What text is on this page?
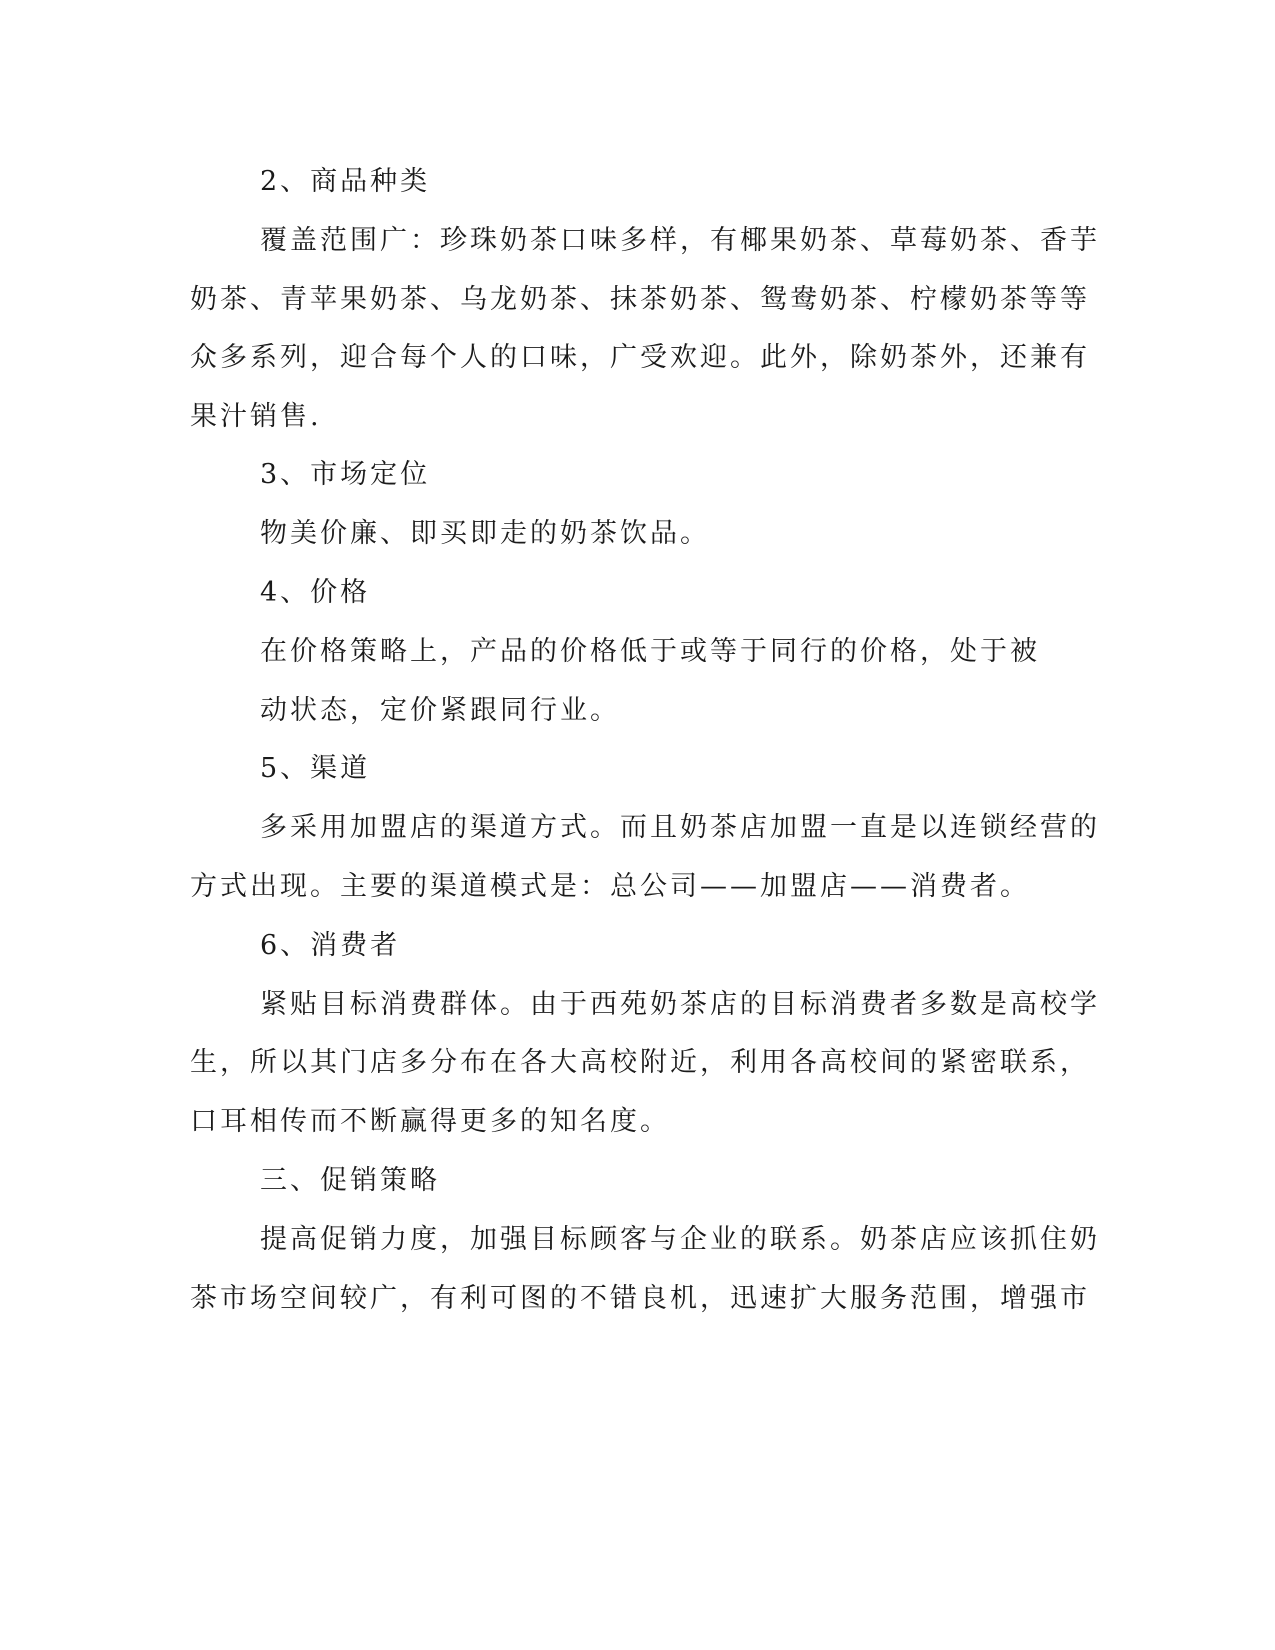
2、商品种类
覆盖范围广：珍珠奶茶口味多样，有椰果奶茶、草莓奶茶、香芋
奶茶、青苹果奶茶、乌龙奶茶、抹茶奶茶、鸳鸯奶茶、柠檬奶茶等等
众多系列，迎合每个人的口味，广受欢迎。此外，除奶茶外，还兼有
果汁销售.
3、市场定位
物美价廉、即买即走的奶茶饮品。
4、价格
在价格策略上，产品的价格低于或等于同行的价格，处于被
动状态，定价紧跟同行业。
5、渠道
多采用加盟店的渠道方式。而且奶茶店加盟一直是以连锁经营的
方式出现。主要的渠道模式是：总公司——加盟店——消费者。
6、消费者
紧贴目标消费群体。由于西苑奶茶店的目标消费者多数是高校学
生，所以其门店多分布在各大高校附近，利用各高校间的紧密联系，
口耳相传而不断赢得更多的知名度。
三、促销策略
提高促销力度，加强目标顾客与企业的联系。奶茶店应该抓住奶
茶市场空间较广，有利可图的不错良机，迅速扩大服务范围，增强市
